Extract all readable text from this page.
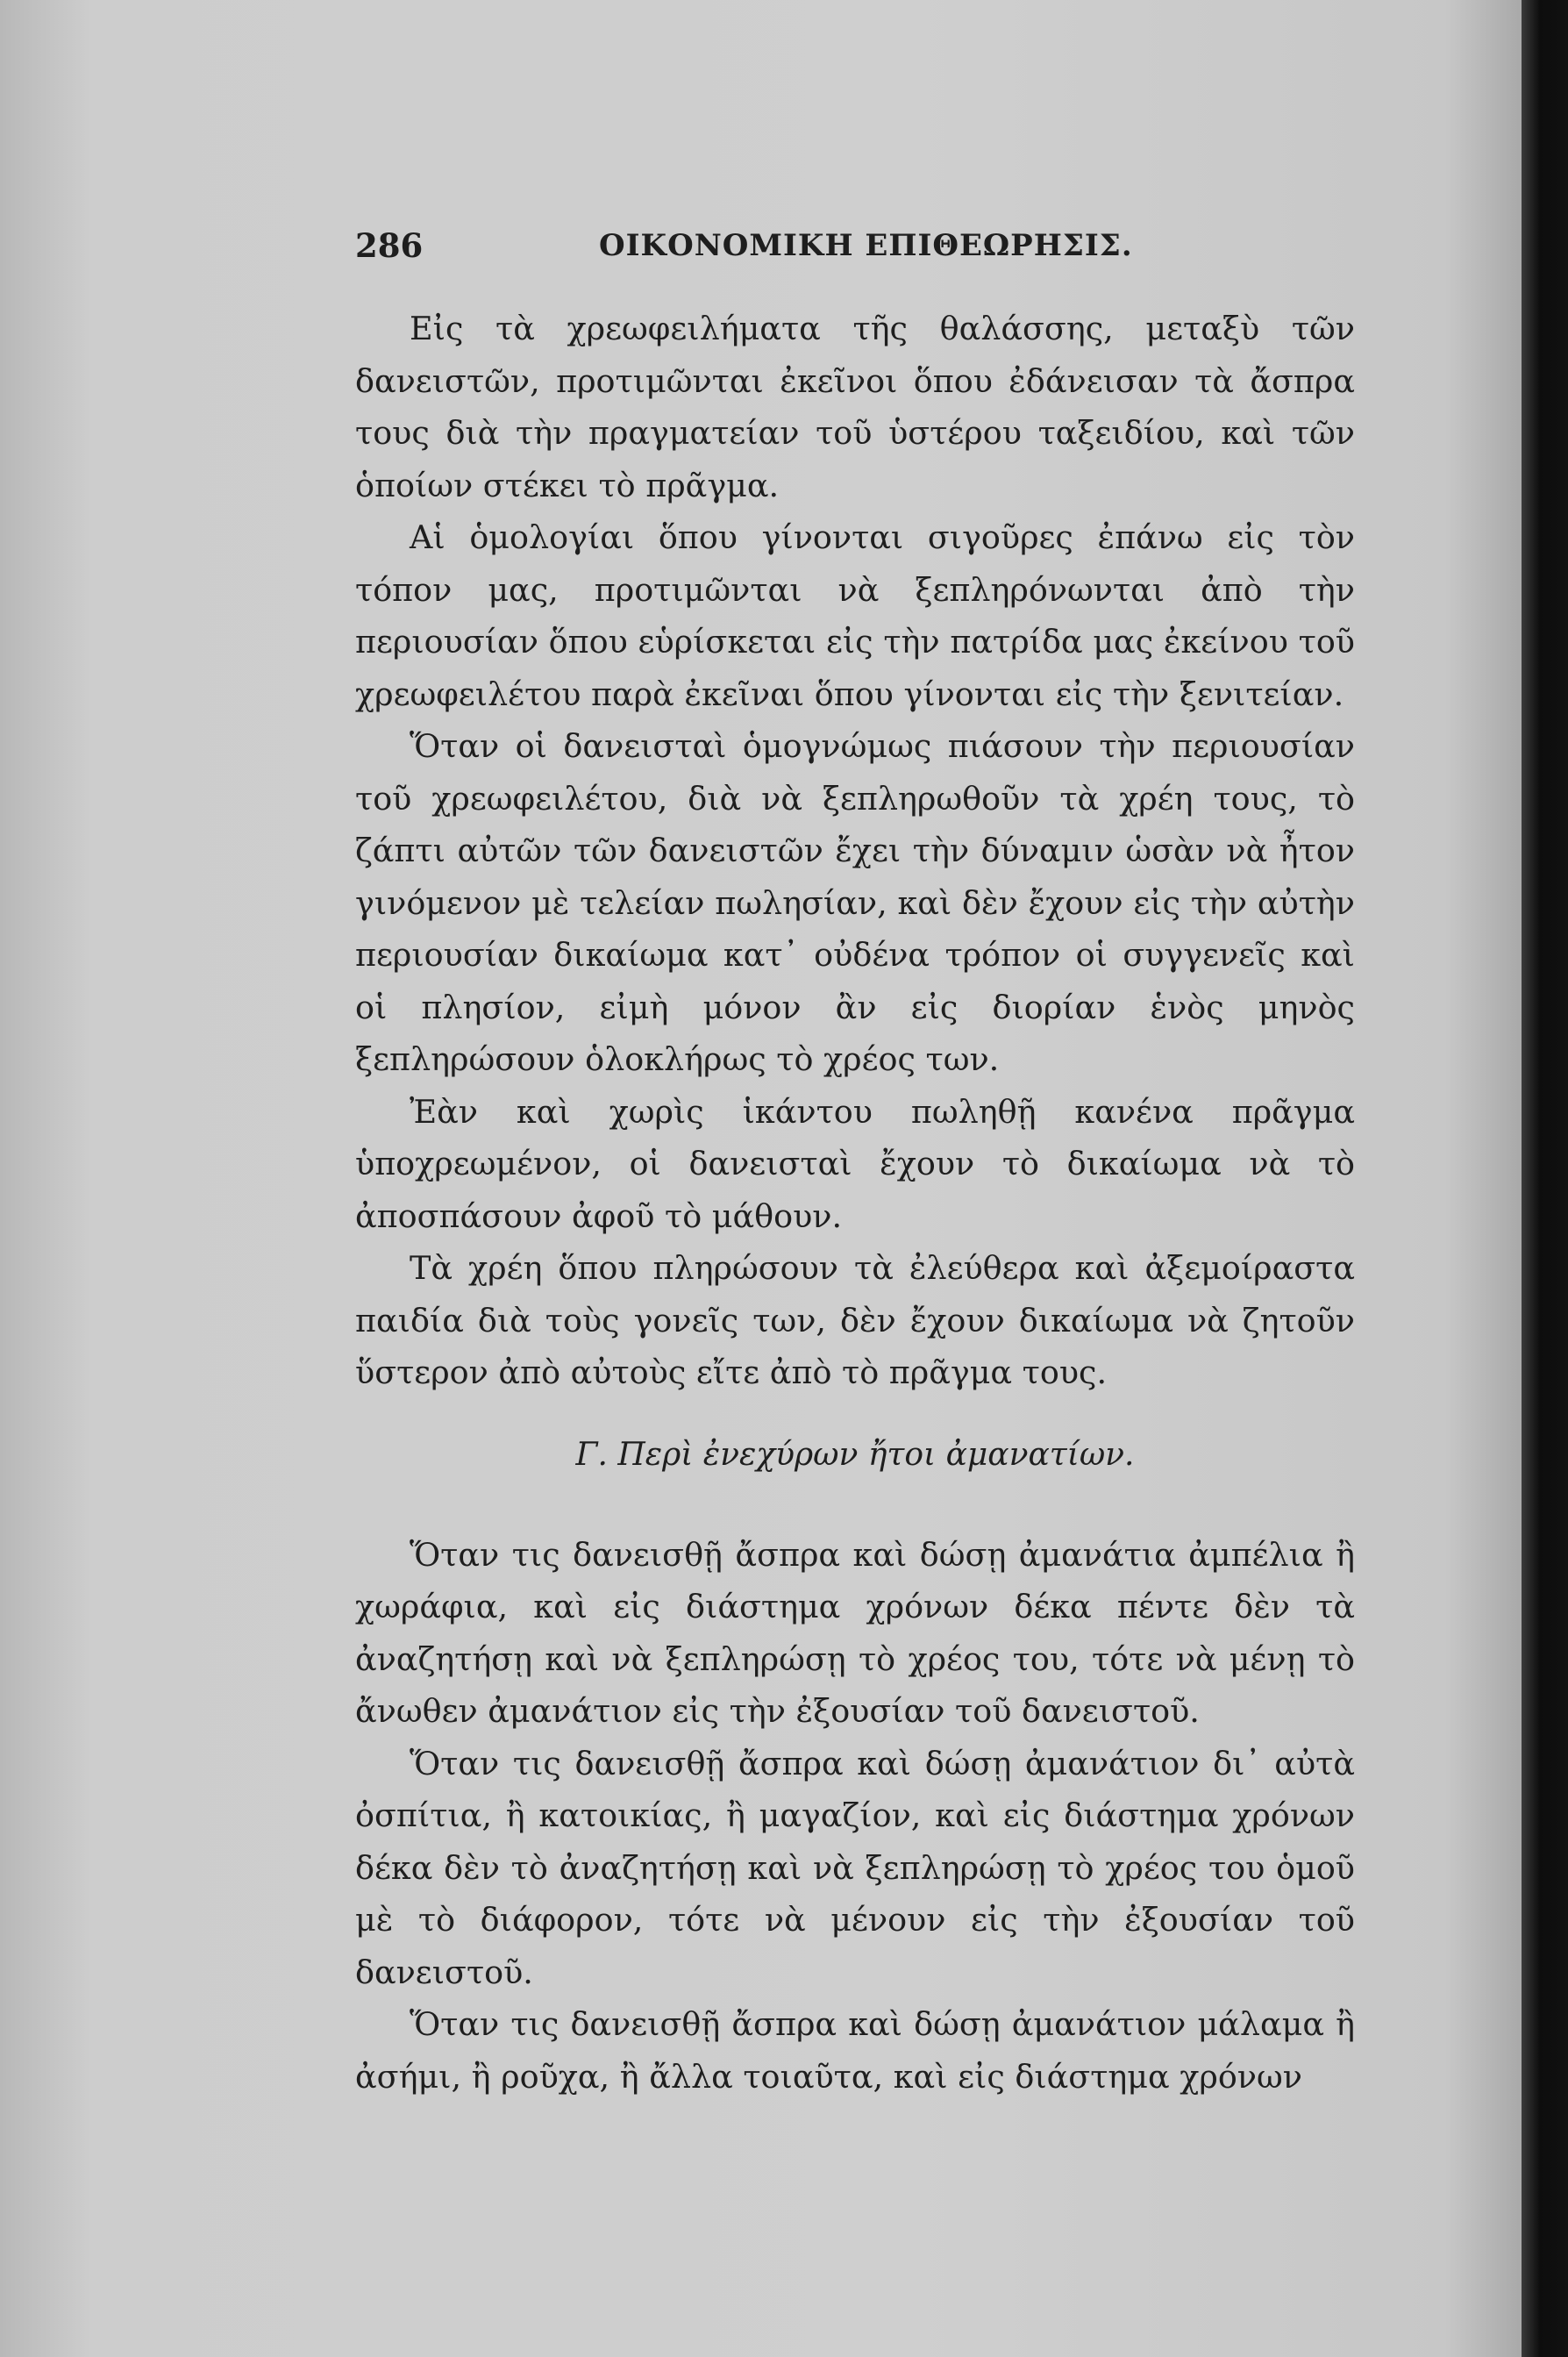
286	ΟΙΚΟΝΟΜΙΚΗ ΕΠΙΘΕΩΡΗΣΙΣ.

Εἰς τὰ χρεωφειλήματα τῆς θαλάσσης, μεταξὺ τῶν δανειστῶν, προτιμῶνται ἐκεῖνοι ὅπου ἐδάνεισαν τὰ ἄσπρα τους διὰ τὴν πραγματείαν τοῦ ὑστέρου ταξειδίου, καὶ τῶν ὁποίων στέκει τὸ πρᾶγμα.

Αἱ ὁμολογίαι ὅπου γίνονται σιγοῦρες ἐπάνω εἰς τὸν τόπον μας, προτιμῶνται νὰ ξεπληρόνωνται ἀπὸ τὴν περιουσίαν ὅπου εὑρίσκεται εἰς τὴν πατρίδα μας ἐκείνου τοῦ χρεωφειλέτου παρὰ ἐκεῖναι ὅπου γίνονται εἰς τὴν ξενιτείαν.

Ὅταν οἱ δανεισταὶ ὁμογνώμως πιάσουν τὴν περιουσίαν τοῦ χρεωφειλέτου, διὰ νὰ ξεπληρωθοῦν τὰ χρέη τους, τὸ ζάπτι αὐτῶν τῶν δανειστῶν ἔχει τὴν δύναμιν ὡσὰν νὰ ἦτον γινόμενον μὲ τελείαν πωλησίαν, καὶ δὲν ἔχουν εἰς τὴν αὐτὴν περιουσίαν δικαίωμα κατ᾿ οὐδένα τρόπον οἱ συγγενεῖς καὶ οἱ πλησίον, εἰμὴ μόνον ἂν εἰς διορίαν ἑνὸς μηνὸς ξεπληρώσουν ὁλοκλήρως τὸ χρέος των.

Ἐὰν καὶ χωρὶς ἱκάντου πωληθῇ κανένα πρᾶγμα ὑποχρεωμένον, οἱ δανεισταὶ ἔχουν τὸ δικαίωμα νὰ τὸ ἀποσπάσουν ἀφοῦ τὸ μάθουν.

Τὰ χρέη ὅπου πληρώσουν τὰ ἐλεύθερα καὶ ἀξεμοίραστα παιδία διὰ τοὺς γονεῖς των, δὲν ἔχουν δικαίωμα νὰ ζητοῦν ὕστερον ἀπὸ αὐτοὺς εἴτε ἀπὸ τὸ πρᾶγμα τους.

Γ. Περὶ ἐνεχύρων ἤτοι ἀμανατίων.

Ὅταν τις δανεισθῇ ἄσπρα καὶ δώσῃ ἀμανάτια ἀμπέλια ἢ χωράφια, καὶ εἰς διάστημα χρόνων δέκα πέντε δὲν τὰ ἀναζητήσῃ καὶ νὰ ξεπληρώσῃ τὸ χρέος του, τότε νὰ μένῃ τὸ ἄνωθεν ἀμανάτιον εἰς τὴν ἐξουσίαν τοῦ δανειστοῦ.

Ὅταν τις δανεισθῇ ἄσπρα καὶ δώσῃ ἀμανάτιον δι᾿ αὐτὰ ὀσπίτια, ἢ κατοικίας, ἢ μαγαζίον, καὶ εἰς διάστημα χρόνων δέκα δὲν τὸ ἀναζητήσῃ καὶ νὰ ξεπληρώσῃ τὸ χρέος του ὁμοῦ μὲ τὸ διάφορον, τότε νὰ μένουν εἰς τὴν ἐξουσίαν τοῦ δανειστοῦ.

Ὅταν τις δανεισθῇ ἄσπρα καὶ δώσῃ ἀμανάτιον μάλαμα ἢ ἀσήμι, ἢ ροῦχα, ἢ ἄλλα τοιαῦτα, καὶ εἰς διάστημα χρόνων
